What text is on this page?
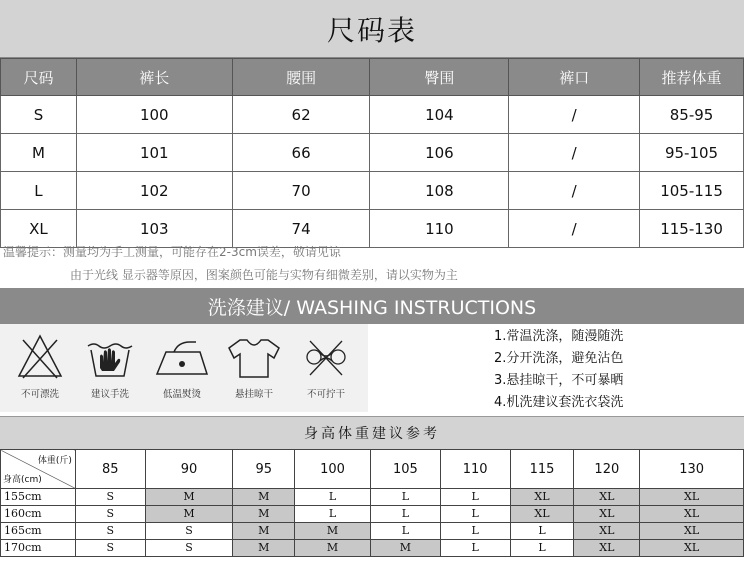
尺码表
尺码	裤长	腰围	臀围	裤口	推荐体重
S	100	62	104	/	85-95
M	101	66	106	/	95-105
L	102	70	108	/	105-115
XL	103	74	110	/	115-130
温馨提示：测量均为手工测量，可能存在2-3cm误差，敬请见谅
由于光线 显示器等原因，图案颜色可能与实物有细微差别，请以实物为主
洗涤建议/ WASHING INSTRUCTIONS
不可漂洗	建议手洗	低温熨烫	悬挂晾干	不可拧干
1.常温洗涤，随漫随洗
2.分开洗涤，避免沾色
3.悬挂晾干，不可暴晒
4.机洗建议套洗衣袋洗
身高体重建议参考
体重(斤)
身高(cm)	85	90	95	100	105	110	115	120	130
155cm	S	M	M	L	L	L	XL	XL	XL
160cm	S	M	M	L	L	L	XL	XL	XL
165cm	S	S	M	M	L	L	L	XL	XL
170cm	S	S	M	M	M	L	L	XL	XL
